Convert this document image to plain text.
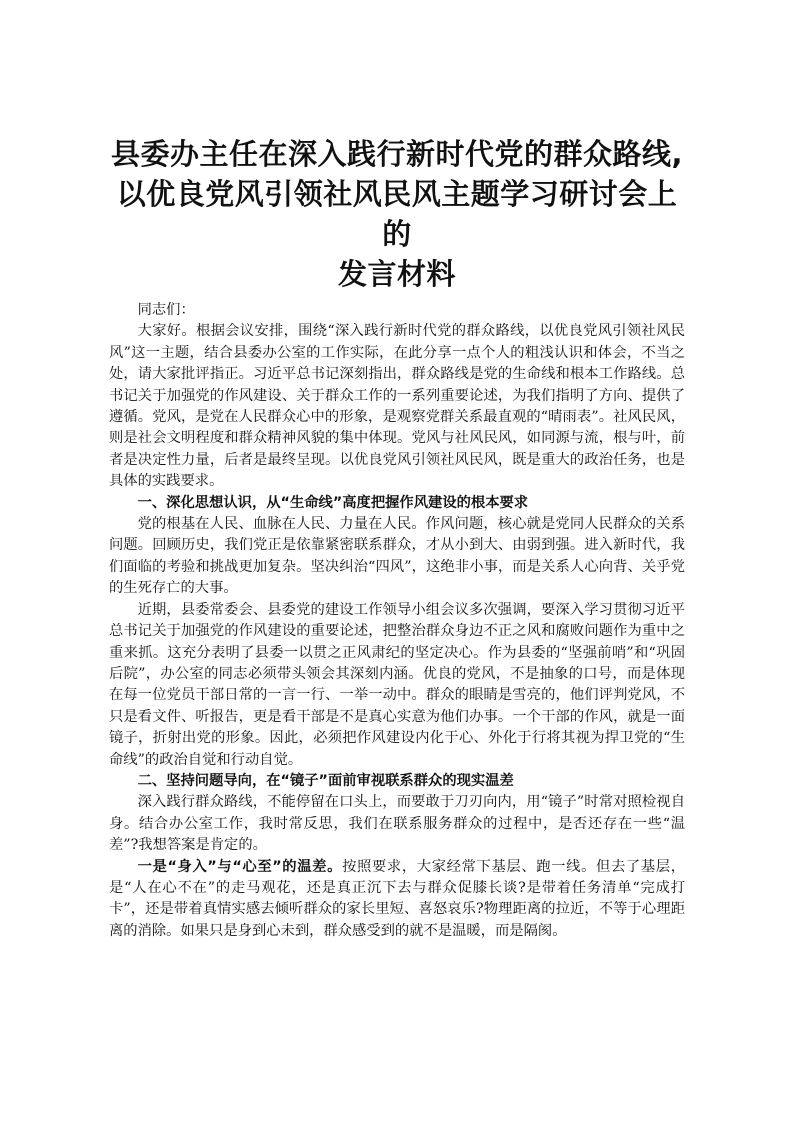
县委办主任在深入践行新时代党的群众路线,
以优良党风引领社风民风主题学习研讨会上的
发言材料

同志们：

大家好。根据会议安排，围绕“深入践行新时代党的群众路线，以优良党风引领社风民风”这一主题，结合县委办公室的工作实际，在此分享一点个人的粗浅认识和体会，不当之处，请大家批评指正。习近平总书记深刻指出，群众路线是党的生命线和根本工作路线。总书记关于加强党的作风建设、关于群众工作的一系列重要论述，为我们指明了方向、提供了遵循。党风，是党在人民群众心中的形象，是观察党群关系最直观的“晴雨表”。社风民风，则是社会文明程度和群众精神风貌的集中体现。党风与社风民风，如同源与流，根与叶，前者是决定性力量，后者是最终呈现。以优良党风引领社风民风，既是重大的政治任务，也是具体的实践要求。

一、深化思想认识，从“生命线”高度把握作风建设的根本要求

党的根基在人民、血脉在人民、力量在人民。作风问题，核心就是党同人民群众的关系问题。回顾历史，我们党正是依靠紧密联系群众，才从小到大、由弱到强。进入新时代，我们面临的考验和挑战更加复杂。坚决纠治“四风”，这绝非小事，而是关系人心向背、关乎党的生死存亡的大事。

近期，县委常委会、县委党的建设工作领导小组会议多次强调，要深入学习贯彻习近平总书记关于加强党的作风建设的重要论述，把整治群众身边不正之风和腐败问题作为重中之重来抓。这充分表明了县委一以贯之正风肃纪的坚定决心。作为县委的“坚强前哨”和“巩固后院”，办公室的同志必须带头领会其深刻内涵。优良的党风，不是抽象的口号，而是体现在每一位党员干部日常的一言一行、一举一动中。群众的眼睛是雪亮的，他们评判党风，不只是看文件、听报告，更是看干部是不是真心实意为他们办事。一个干部的作风，就是一面镜子，折射出党的形象。因此，必须把作风建设内化于心、外化于行将其视为捍卫党的“生命线”的政治自觉和行动自觉。

二、坚持问题导向，在“镜子”面前审视联系群众的现实温差

深入践行群众路线，不能停留在口头上，而要敢于刀刃向内，用“镜子”时常对照检视自身。结合办公室工作，我时常反思，我们在联系服务群众的过程中，是否还存在一些“温差”?我想答案是肯定的。

一是“身入”与“心至”的温差。按照要求，大家经常下基层、跑一线。但去了基层，是“人在心不在”的走马观花，还是真正沉下去与群众促膝长谈?是带着任务清单“完成打卡”，还是带着真情实感去倾听群众的家长里短、喜怒哀乐?物理距离的拉近，不等于心理距离的消除。如果只是身到心未到，群众感受到的就不是温暖，而是隔阂。
